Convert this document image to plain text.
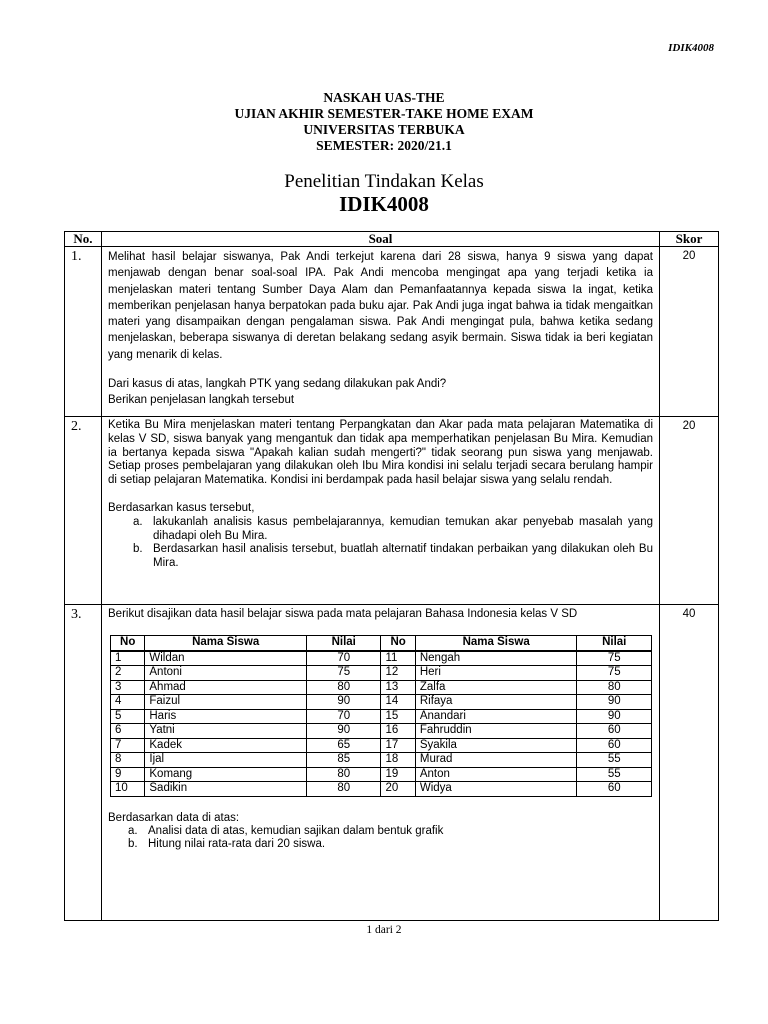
IDIK4008
NASKAH UAS-THE
UJIAN AKHIR SEMESTER-TAKE HOME EXAM
UNIVERSITAS TERBUKA
SEMESTER: 2020/21.1
Penelitian Tindakan Kelas
IDIK4008
No.	Soal	Skor
1.	Melihat hasil belajar siswanya, Pak Andi terkejut karena dari 28 siswa, hanya 9 siswa yang dapat menjawab dengan benar soal-soal IPA. Pak Andi mencoba mengingat apa yang terjadi ketika ia menjelaskan materi tentang Sumber Daya Alam dan Pemanfaatannya kepada siswa Ia ingat, ketika memberikan penjelasan hanya berpatokan pada buku ajar. Pak Andi juga ingat bahwa ia tidak mengaitkan materi yang disampaikan dengan pengalaman siswa. Pak Andi mengingat pula, bahwa ketika sedang menjelaskan, beberapa siswanya di deretan belakang sedang asyik bermain. Siswa tidak ia beri kegiatan yang menarik di kelas.

Dari kasus di atas, langkah PTK yang sedang dilakukan pak Andi?

Berikan penjelasan langkah tersebut

	20
2.	Ketika Bu Mira menjelaskan materi tentang Perpangkatan dan Akar pada mata pelajaran Matematika di kelas V SD, siswa banyak yang mengantuk dan tidak apa memperhatikan penjelasan Bu Mira. Kemudian ia bertanya kepada siswa "Apakah kalian sudah mengerti?" tidak seorang pun siswa yang menjawab. Setiap proses pembelajaran yang dilakukan oleh Ibu Mira kondisi ini selalu terjadi secara berulang hampir di setiap pelajaran Matematika. Kondisi ini berdampak pada hasil belajar siswa yang selalu rendah.

Berdasarkan kasus tersebut,

a. lakukanlah analisis kasus pembelajarannya, kemudian temukan akar penyebab masalah yang dihadapi oleh Bu Mira.
b. Berdasarkan hasil analisis tersebut, buatlah alternatif tindakan perbaikan yang dilakukan oleh Bu Mira.
	20
3.	Berikut disajikan data hasil belajar siswa pada mata pelajaran Bahasa Indonesia kelas V SD

No	Nama Siswa	Nilai	No	Nama Siswa	Nilai
1	Wildan	70	11	Nengah	75
2	Antoni	75	12	Heri	75
3	Ahmad	80	13	Zalfa	80
4	Faizul	90	14	Rifaya	90
5	Haris	70	15	Anandari	90
6	Yatni	90	16	Fahruddin	60
7	Kadek	65	17	Syakila	60
8	Ijal	85	18	Murad	55
9	Komang	80	19	Anton	55
10	Sadikin	80	20	Widya	60

Berdasarkan data di atas:

a. Analisi data di atas, kemudian sajikan dalam bentuk grafik
b. Hitung nilai rata-rata dari 20 siswa.
	40
1 dari 2
